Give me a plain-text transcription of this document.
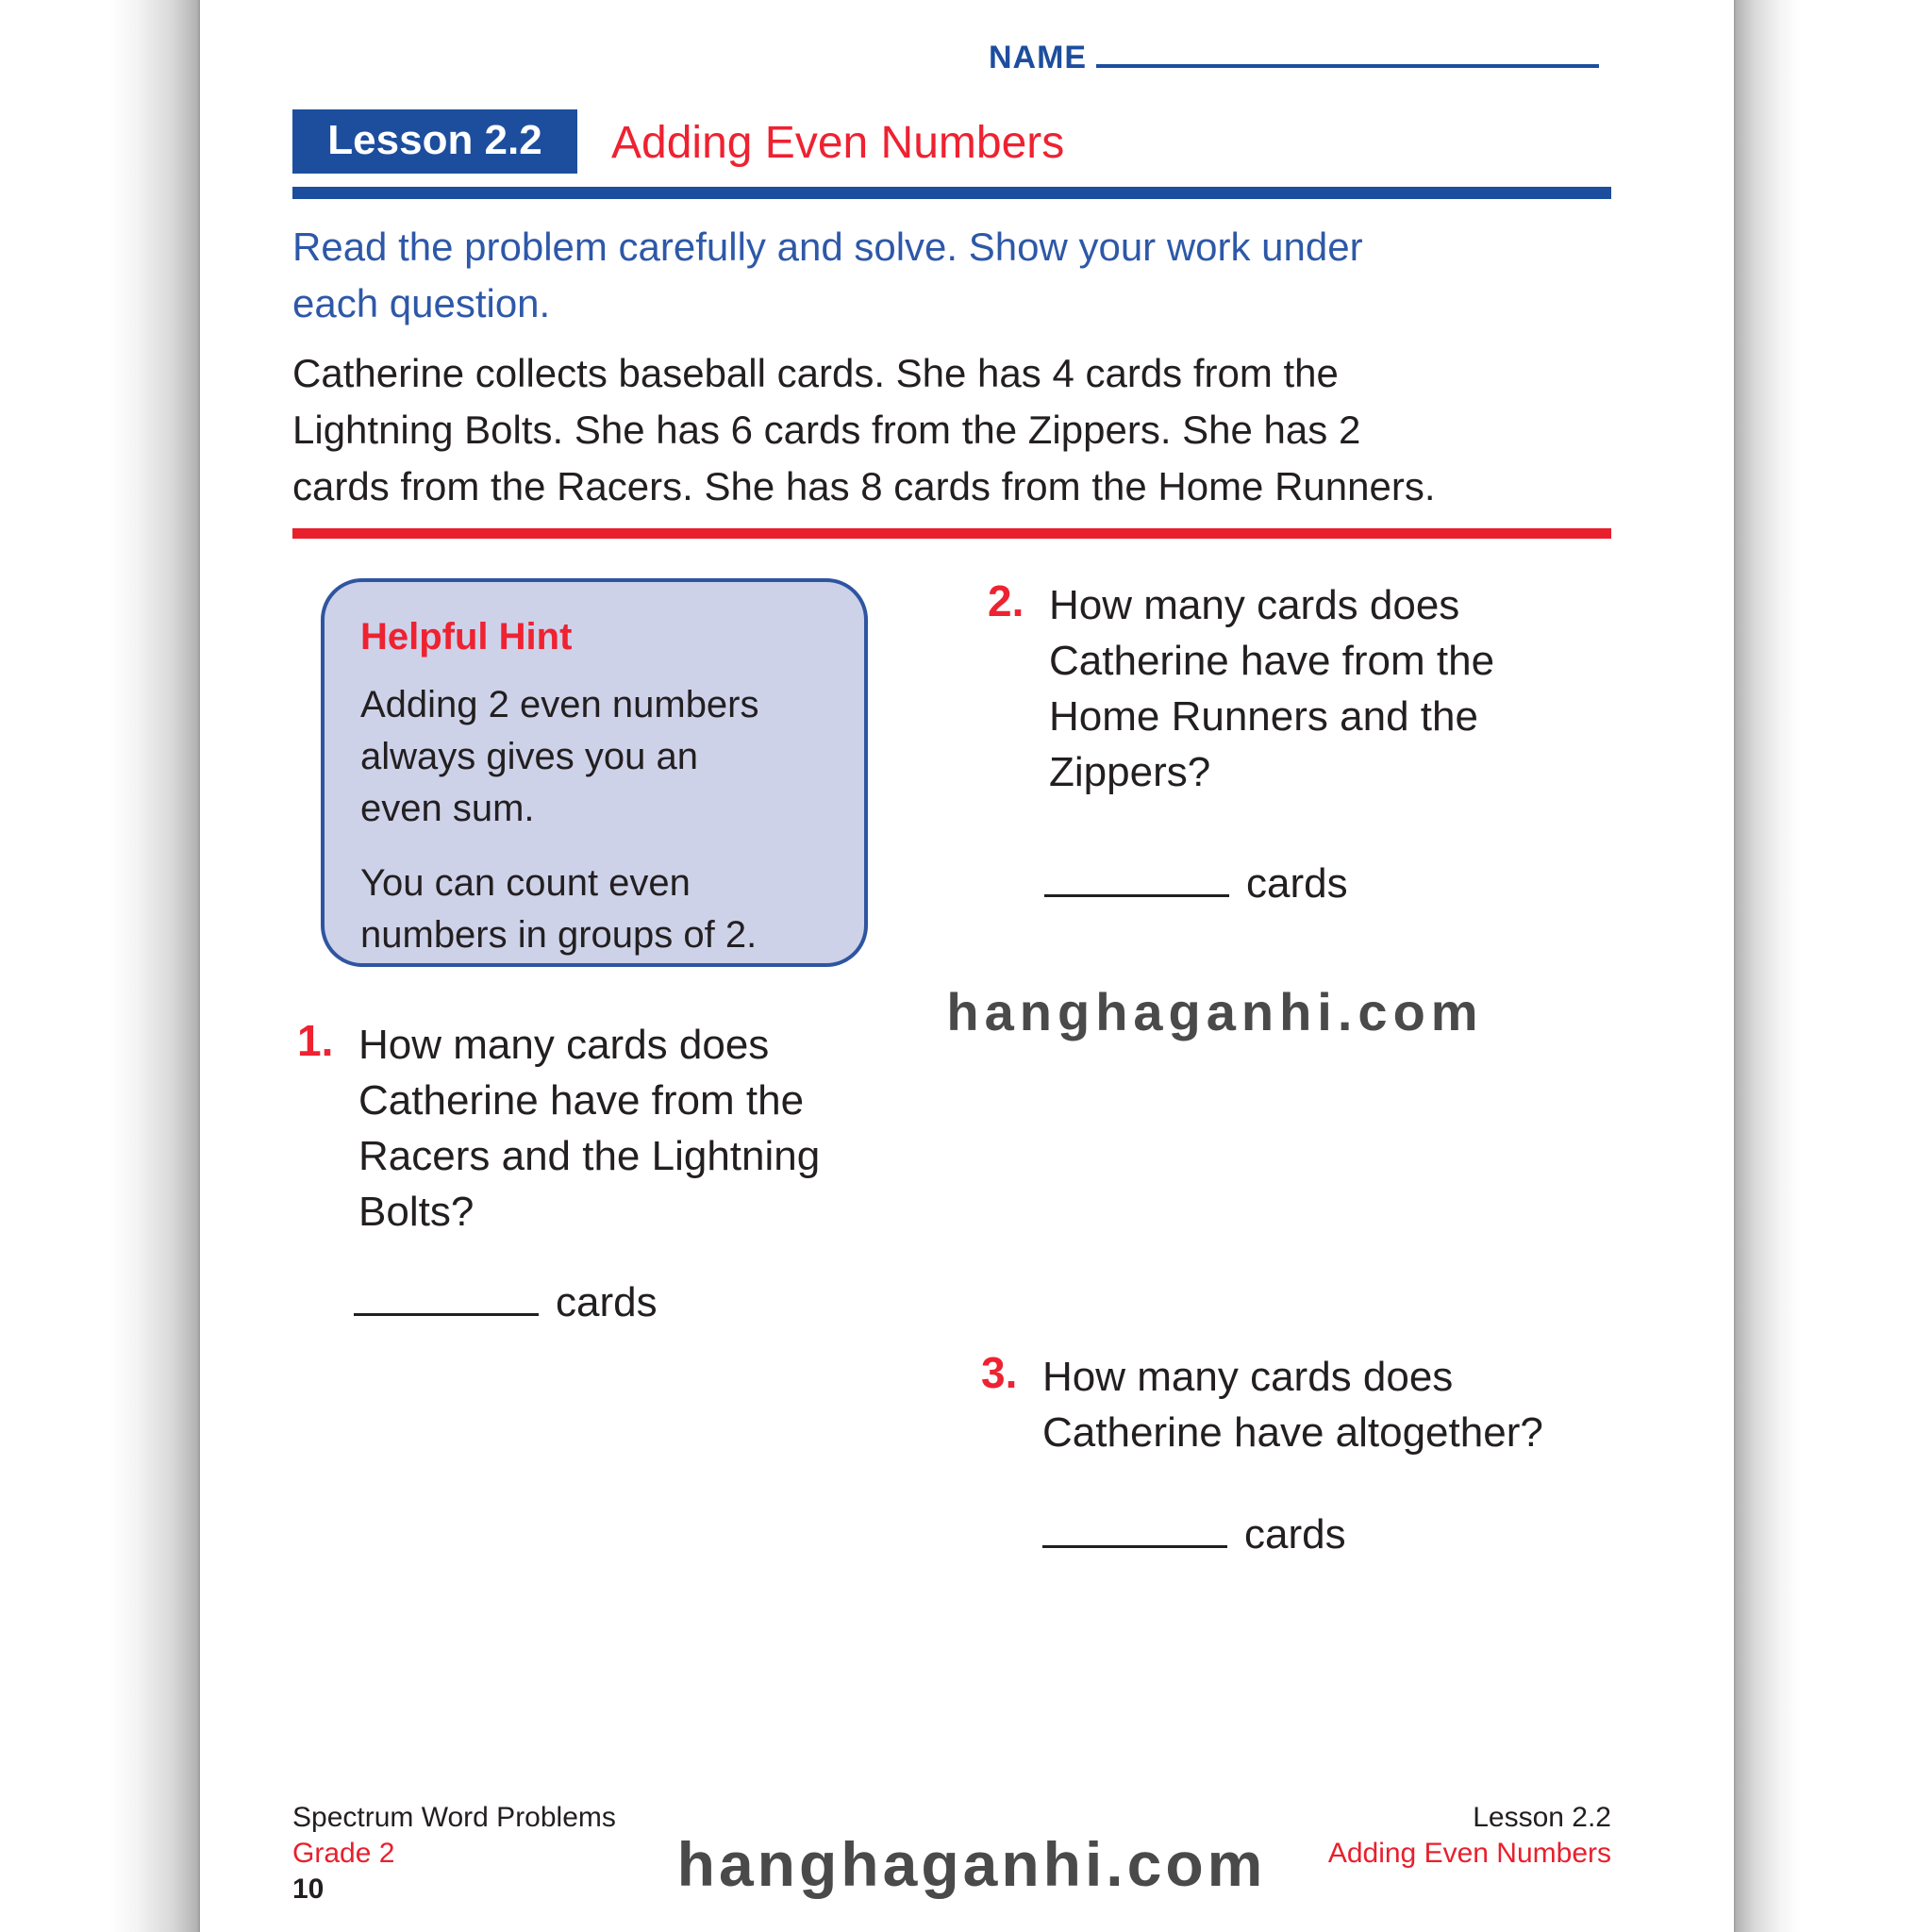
NAME
Lesson 2.2	Adding Even Numbers
Read the problem carefully and solve. Show your work under
each question.
Catherine collects baseball cards. She has 4 cards from the
Lightning Bolts. She has 6 cards from the Zippers. She has 2
cards from the Racers. She has 8 cards from the Home Runners.
Helpful Hint
Adding 2 even numbers
always gives you an
even sum.
You can count even
numbers in groups of 2.
2. How many cards does
Catherine have from the
Home Runners and the
Zippers?
cards
hanghaganhi.com
1. How many cards does
Catherine have from the
Racers and the Lightning
Bolts?
cards
3. How many cards does
Catherine have altogether?
cards
Spectrum Word Problems
Grade 2
10
Lesson 2.2
Adding Even Numbers
hanghaganhi.com
